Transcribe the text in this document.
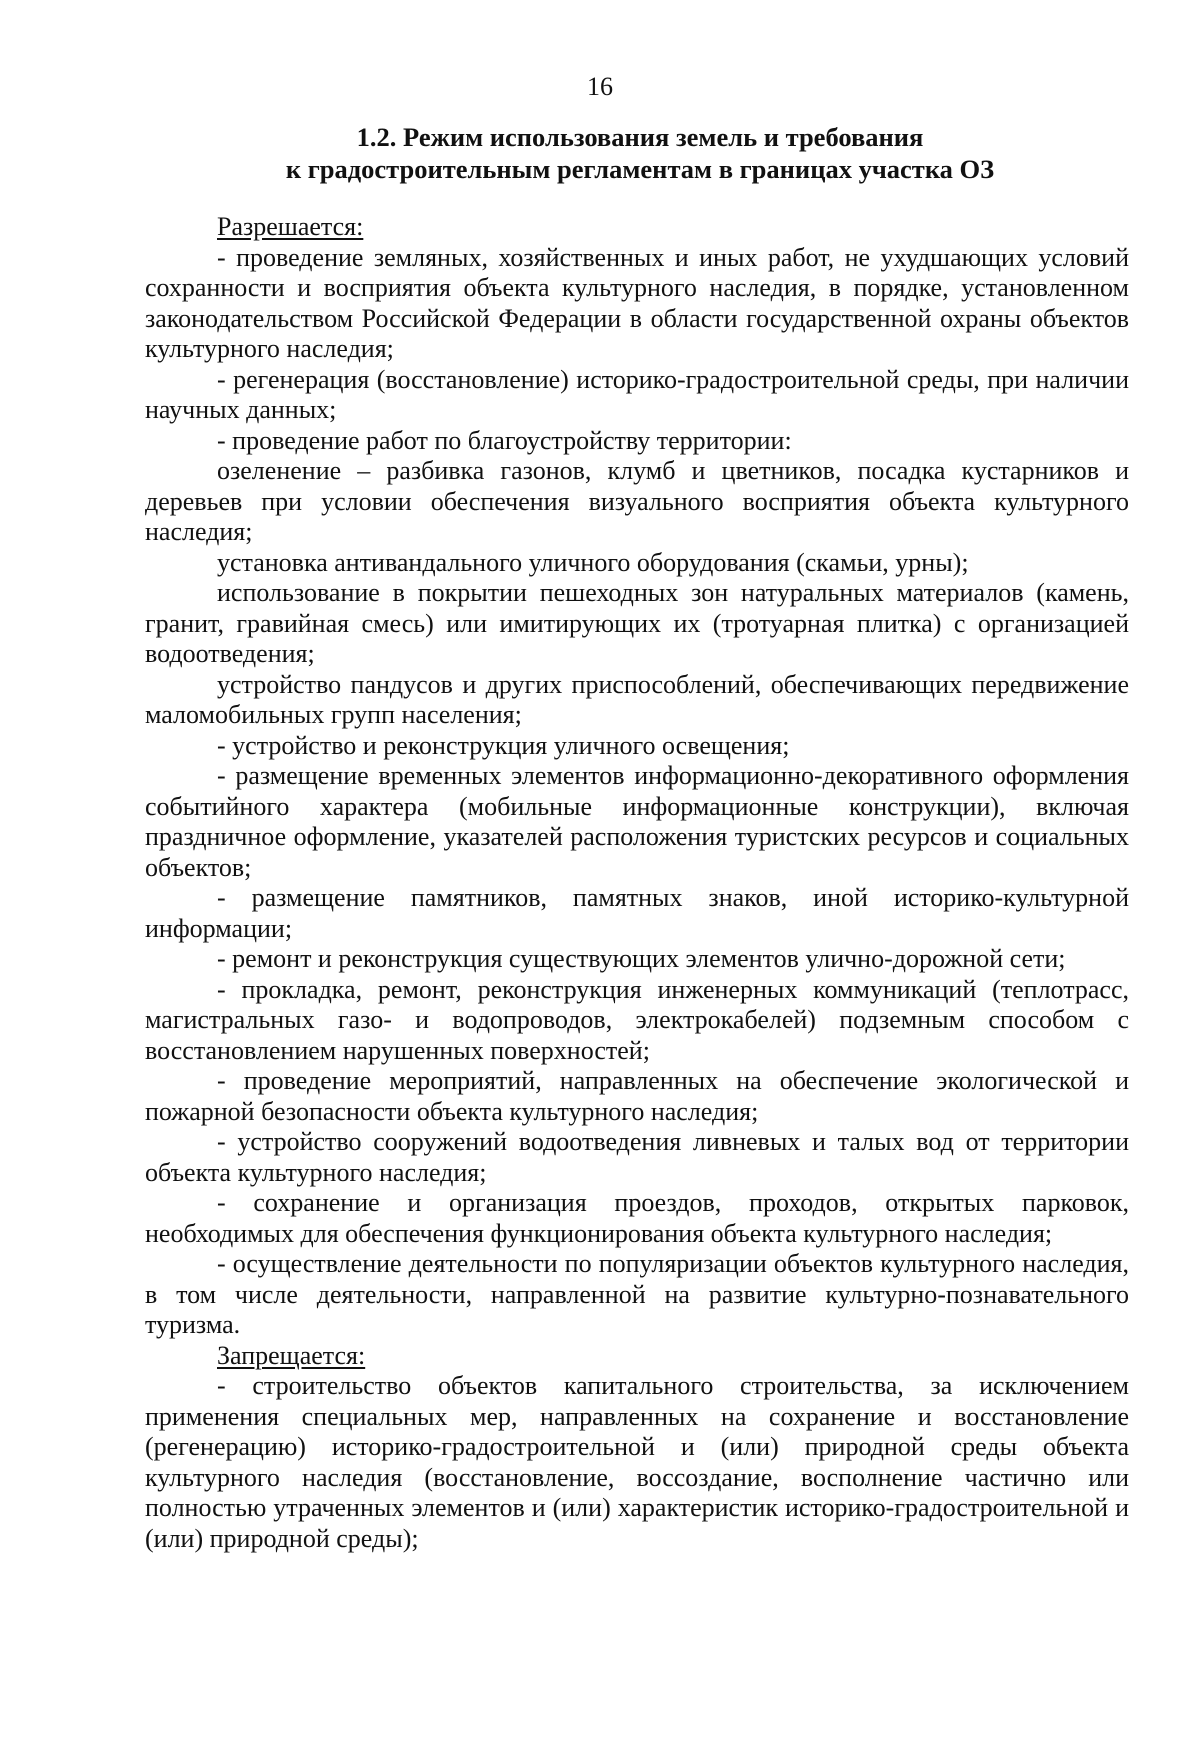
16
1.2. Режим использования земель и требования
к градостроительным регламентам в границах участка ОЗ

Разрешается:

- проведение земляных, хозяйственных и иных работ, не ухудшающих условий сохранности и восприятия объекта культурного наследия, в порядке, установленном законодательством Российской Федерации в области государственной охраны объектов культурного наследия;

- регенерация (восстановление) историко-градостроительной среды, при наличии научных данных;

- проведение работ по благоустройству территории:

озеленение – разбивка газонов, клумб и цветников, посадка кустарников и деревьев при условии обеспечения визуального восприятия объекта культурного наследия;

установка антивандального уличного оборудования (скамьи, урны);

использование в покрытии пешеходных зон натуральных материалов (камень, гранит, гравийная смесь) или имитирующих их (тротуарная плитка) с организацией водоотведения;

устройство пандусов и других приспособлений, обеспечивающих передвижение маломобильных групп населения;

- устройство и реконструкция уличного освещения;

- размещение временных элементов информационно-декоративного оформления событийного характера (мобильные информационные конструкции), включая праздничное оформление, указателей расположения туристских ресурсов и социальных объектов;

- размещение памятников, памятных знаков, иной историко-культурной информации;

- ремонт и реконструкция существующих элементов улично-дорожной сети;

- прокладка, ремонт, реконструкция инженерных коммуникаций (теплотрасс, магистральных газо- и водопроводов, электрокабелей) подземным способом с восстановлением нарушенных поверхностей;

- проведение мероприятий, направленных на обеспечение экологической и пожарной безопасности объекта культурного наследия;

- устройство сооружений водоотведения ливневых и талых вод от территории объекта культурного наследия;

- сохранение и организация проездов, проходов, открытых парковок, необходимых для обеспечения функционирования объекта культурного наследия;

- осуществление деятельности по популяризации объектов культурного наследия, в том числе деятельности, направленной на развитие культурно-познавательного туризма.

Запрещается:

- строительство объектов капитального строительства, за исключением применения специальных мер, направленных на сохранение и восстановление (регенерацию) историко-градостроительной и (или) природной среды объекта культурного наследия (восстановление, воссоздание, восполнение частично или полностью утраченных элементов и (или) характеристик историко-градостроительной и (или) природной среды);
